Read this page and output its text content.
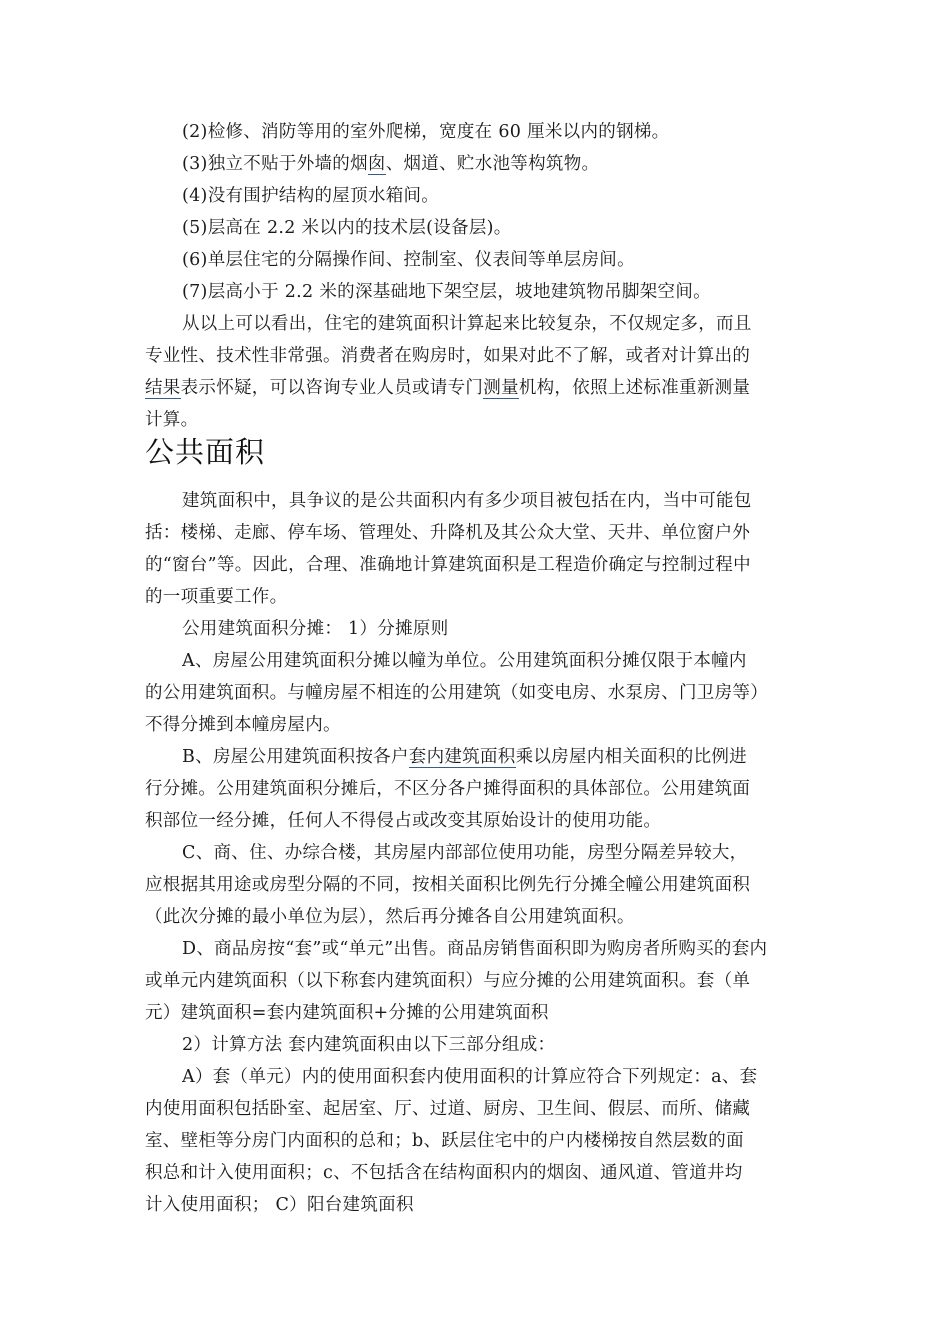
(2)检修、消防等用的室外爬梯，宽度在 60 厘米以内的钢梯。
(3)独立不贴于外墙的烟囱、烟道、贮水池等构筑物。
(4)没有围护结构的屋顶水箱间。
(5)层高在 2.2 米以内的技术层(设备层)。
(6)单层住宅的分隔操作间、控制室、仪表间等单层房间。
(7)层高小于 2.2 米的深基础地下架空层，坡地建筑物吊脚架空间。
从以上可以看出，住宅的建筑面积计算起来比较复杂，不仅规定多，而且
专业性、技术性非常强。消费者在购房时，如果对此不了解，或者对计算出的
结果表示怀疑，可以咨询专业人员或请专门测量机构，依照上述标准重新测量
计算。
公共面积
建筑面积中，具争议的是公共面积内有多少项目被包括在内，当中可能包
括：楼梯、走廊、停车场、管理处、升降机及其公众大堂、天井、单位窗户外
的“窗台”等。因此，合理、准确地计算建筑面积是工程造价确定与控制过程中
的一项重要工作。
公用建筑面积分摊： 1）分摊原则
A、房屋公用建筑面积分摊以幢为单位。公用建筑面积分摊仅限于本幢内
的公用建筑面积。与幢房屋不相连的公用建筑（如变电房、水泵房、门卫房等）
不得分摊到本幢房屋内。
B、房屋公用建筑面积按各户套内建筑面积乘以房屋内相关面积的比例进
行分摊。公用建筑面积分摊后，不区分各户摊得面积的具体部位。公用建筑面
积部位一经分摊，任何人不得侵占或改变其原始设计的使用功能。
C、商、住、办综合楼，其房屋内部部位使用功能，房型分隔差异较大，
应根据其用途或房型分隔的不同，按相关面积比例先行分摊全幢公用建筑面积
（此次分摊的最小单位为层），然后再分摊各自公用建筑面积。
D、商品房按“套”或“单元”出售。商品房销售面积即为购房者所购买的套内
或单元内建筑面积（以下称套内建筑面积）与应分摊的公用建筑面积。套（单
元）建筑面积=套内建筑面积+分摊的公用建筑面积
2）计算方法 套内建筑面积由以下三部分组成：
A）套（单元）内的使用面积套内使用面积的计算应符合下列规定：a、套
内使用面积包括卧室、起居室、厅、过道、厨房、卫生间、假层、而所、储藏
室、壁柜等分房门内面积的总和；b、跃层住宅中的户内楼梯按自然层数的面
积总和计入使用面积；c、不包括含在结构面积内的烟囱、通风道、管道井均
计入使用面积； C）阳台建筑面积
